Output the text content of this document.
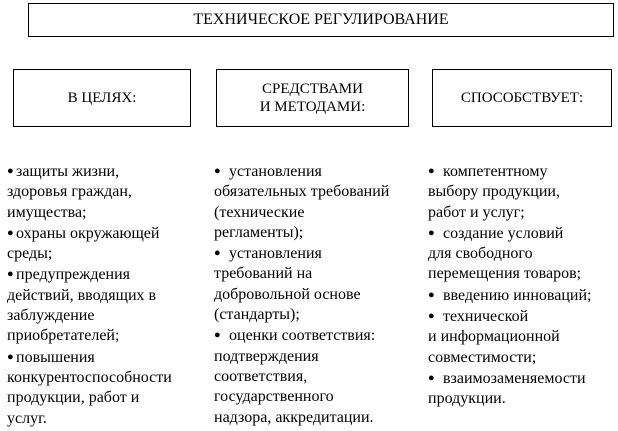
ТЕХНИЧЕСКОЕ РЕГУЛИРОВАНИЕ
В ЦЕЛЯХ:
СРЕДСТВАМИ
И МЕТОДАМИ:
СПОСОБСТВУЕТ:
● защиты жизни,
здоровья граждан,
имущества;
● охраны окружающей
среды;
● предупреждения
действий, вводящих в
заблуждение
приобретателей;
● повышения
конкурентоспособности
продукции, работ и
услуг.
● установления
обязательных требований
(технические
регламенты);
● установления
требований на
добровольной основе
(стандарты);
● оценки соответствия:
подтверждения
соответствия,
государственного
надзора, аккредитации.
● компетентному
выбору продукции,
работ и услуг;
● создание условий
для свободного
перемещения товаров;
● введению инноваций;
● технической
и информационной
совместимости;
● взаимозаменяемости
продукции.
